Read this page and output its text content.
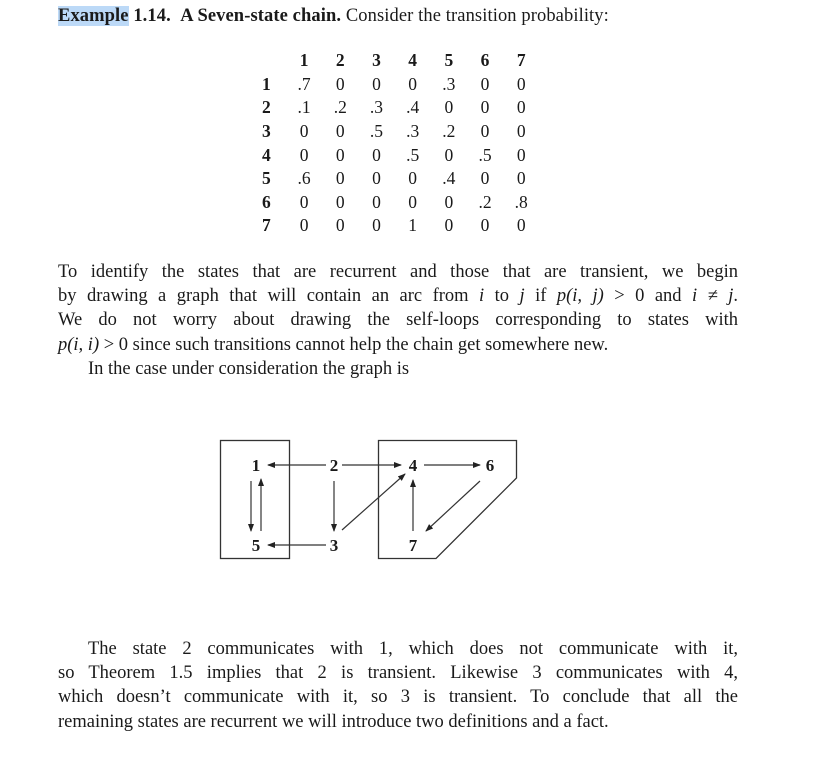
Example 1.14. A Seven-state chain. Consider the transition probability:
	1	2	3	4	5	6	7
1	.7	0	0	0	.3	0	0
2	.1	.2	.3	.4	0	0	0
3	0	0	.5	.3	.2	0	0
4	0	0	0	.5	0	.5	0
5	.6	0	0	0	.4	0	0
6	0	0	0	0	0	.2	.8
7	0	0	0	1	0	0	0
To identify the states that are recurrent and those that are transient, we begin
by drawing a graph that will contain an arc from i to j if p(i, j) > 0 and i ≠ j.
We do not worry about drawing the self-loops corresponding to states with
p(i, i) > 0 since such transitions cannot help the chain get somewhere new.
In the case under consideration the graph is
1	2	4	6
5	3	7
The state 2 communicates with 1, which does not communicate with it,
so Theorem 1.5 implies that 2 is transient. Likewise 3 communicates with 4,
which doesn’t communicate with it, so 3 is transient. To conclude that all the
remaining states are recurrent we will introduce two definitions and a fact.
